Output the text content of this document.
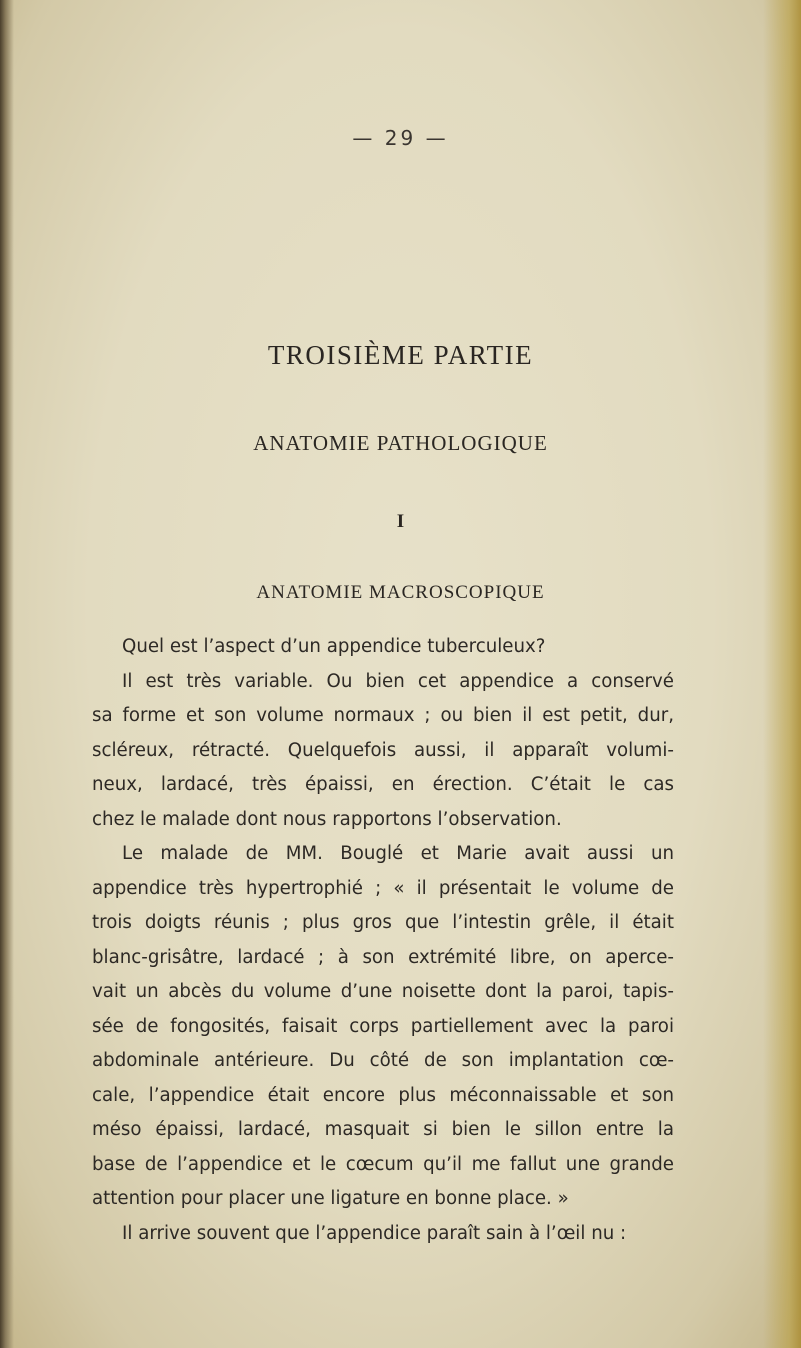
— 29 —
TROISIÈME PARTIE
ANATOMIE PATHOLOGIQUE
I
ANATOMIE MACROSCOPIQUE
Quel est l’aspect d’un appendice tuberculeux?
Il est très variable. Ou bien cet appendice a conservé
sa forme et son volume normaux ; ou bien il est petit, dur,
scléreux, rétracté. Quelquefois aussi, il apparaît volumi-
neux, lardacé, très épaissi, en érection. C’était le cas
chez le malade dont nous rapportons l’observation.
Le malade de MM. Bouglé et Marie avait aussi un
appendice très hypertrophié ; « il présentait le volume de
trois doigts réunis ; plus gros que l’intestin grêle, il était
blanc-grisâtre, lardacé ; à son extrémité libre, on aperce-
vait un abcès du volume d’une noisette dont la paroi, tapis-
sée de fongosités, faisait corps partiellement avec la paroi
abdominale antérieure. Du côté de son implantation cœ-
cale, l’appendice était encore plus méconnaissable et son
méso épaissi, lardacé, masquait si bien le sillon entre la
base de l’appendice et le cœcum qu’il me fallut une grande
attention pour placer une ligature en bonne place. »
Il arrive souvent que l’appendice paraît sain à l’œil nu :
